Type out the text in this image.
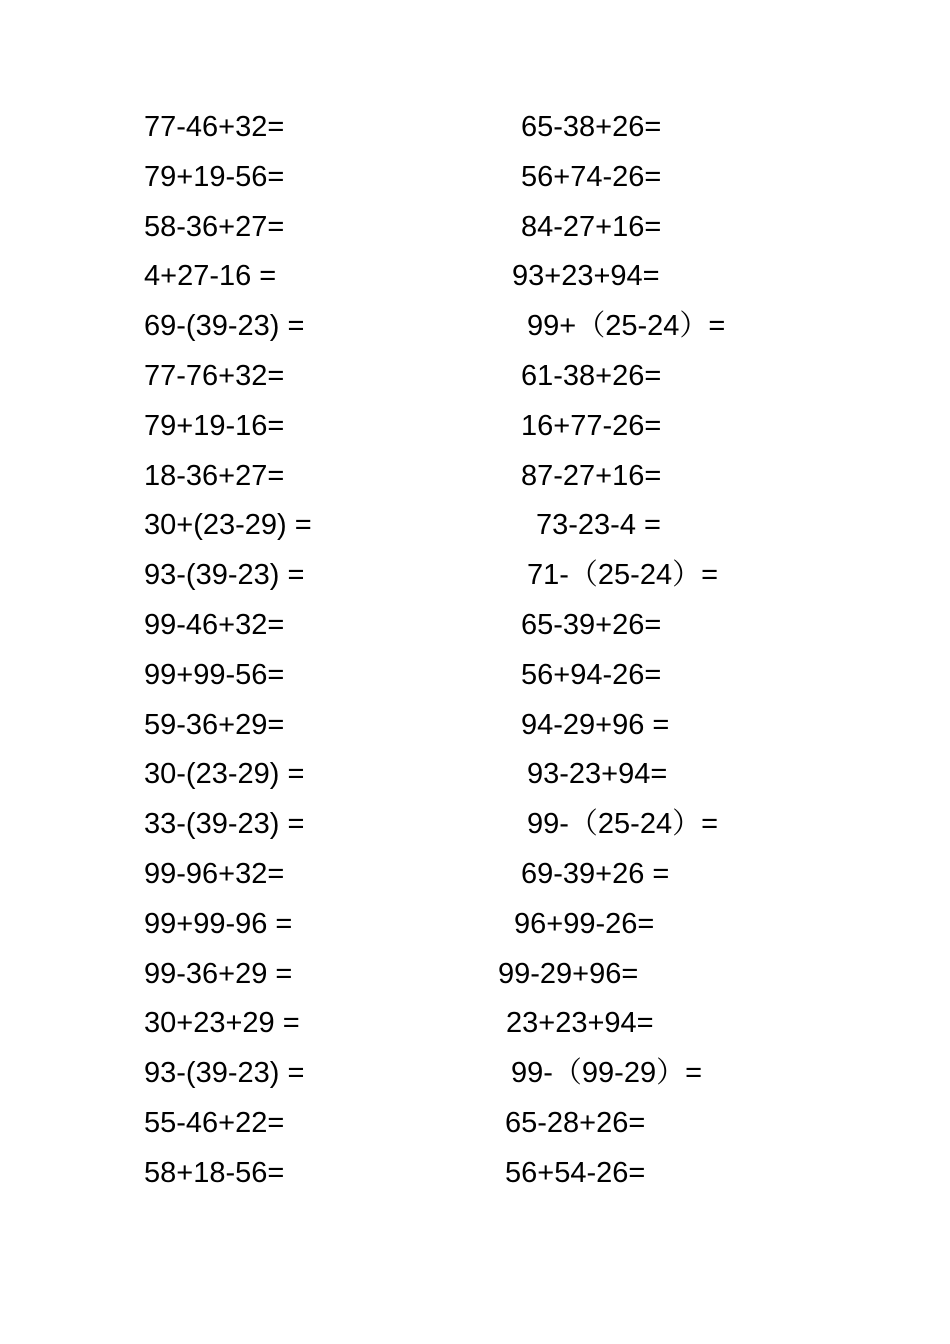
77-46+32=	65-38+26=
79+19-56=	56+74-26=
58-36+27=	84-27+16=
4+27-16 =	93+23+94=
69-(39-23) =	99+（25-24）=
77-76+32=	61-38+26=
79+19-16=	16+77-26=
18-36+27=	87-27+16=
30+(23-29) =	73-23-4 =
93-(39-23) =	71-（25-24）=
99-46+32=	65-39+26=
99+99-56=	56+94-26=
59-36+29=	94-29+96 =
30-(23-29) =	93-23+94=
33-(39-23) =	99-（25-24）=
99-96+32=	69-39+26 =
99+99-96 =	96+99-26=
99-36+29 =	99-29+96=
30+23+29 =	23+23+94=
93-(39-23) =	99-（99-29）=
55-46+22=	65-28+26=
58+18-56=	56+54-26=
